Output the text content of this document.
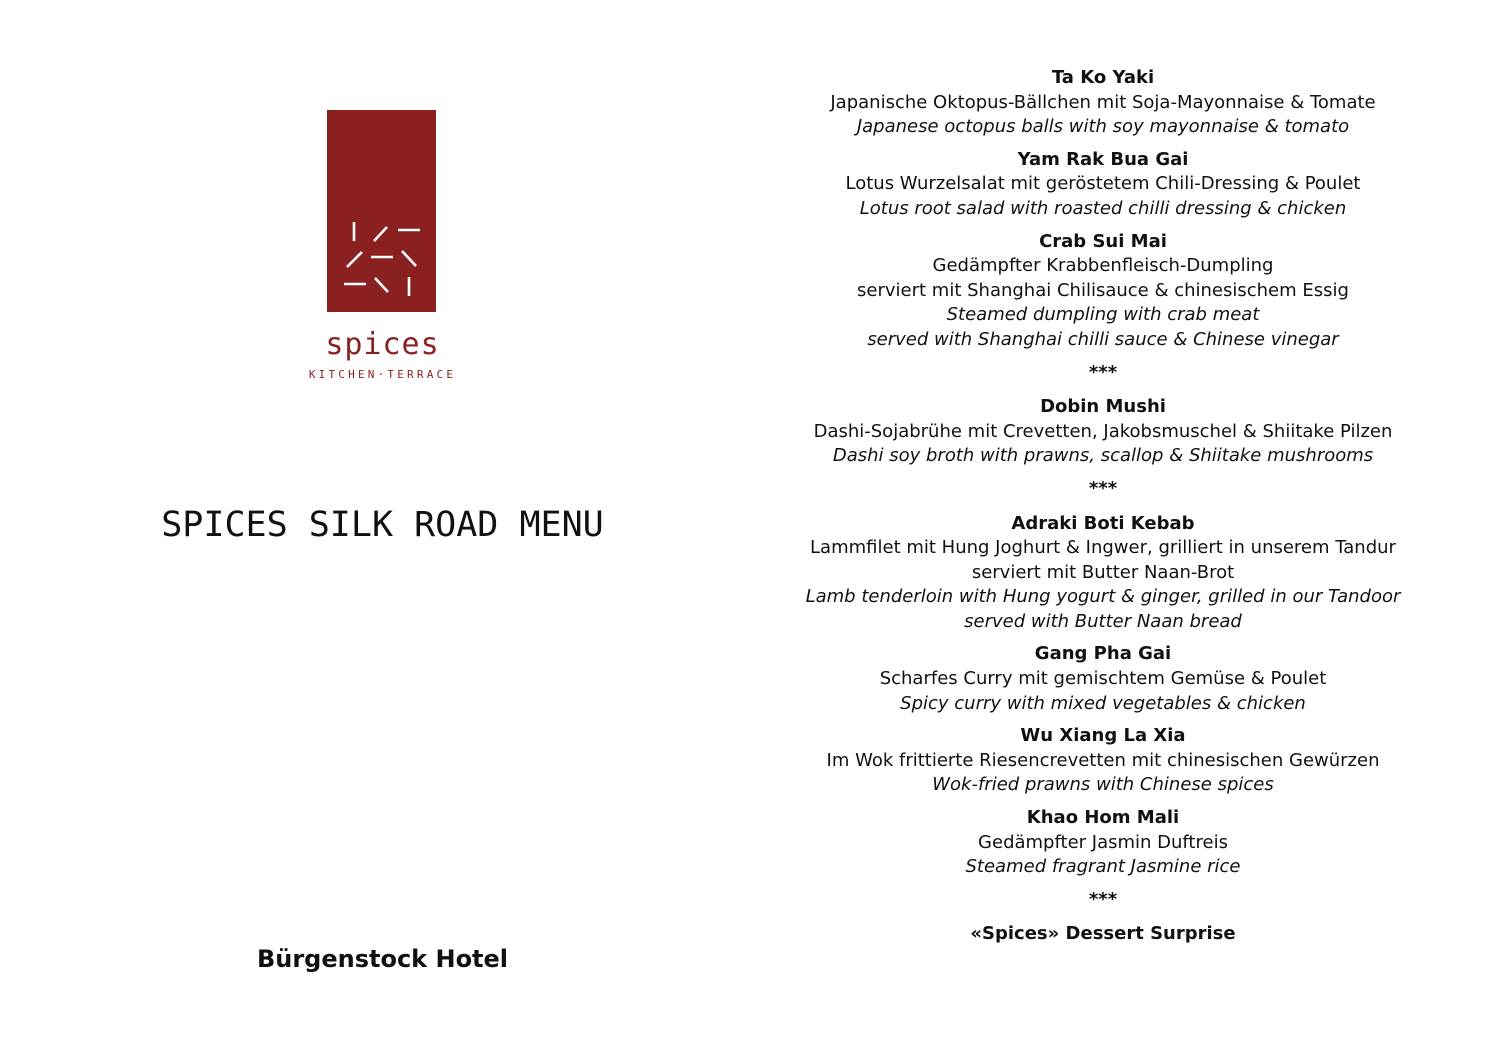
spices
KITCHEN·TERRACE
SPICES SILK ROAD MENU
Bürgenstock Hotel
Ta Ko Yaki
Japanische Oktopus-Bällchen mit Soja-Mayonnaise & Tomate
Japanese octopus balls with soy mayonnaise & tomato
Yam Rak Bua Gai
Lotus Wurzelsalat mit geröstetem Chili-Dressing & Poulet
Lotus root salad with roasted chilli dressing & chicken
Crab Sui Mai
Gedämpfter Krabbenfleisch-Dumpling
serviert mit Shanghai Chilisauce & chinesischem Essig
Steamed dumpling with crab meat
served with Shanghai chilli sauce & Chinese vinegar
***
Dobin Mushi
Dashi-Sojabrühe mit Crevetten, Jakobsmuschel & Shiitake Pilzen
Dashi soy broth with prawns, scallop & Shiitake mushrooms
***
Adraki Boti Kebab
Lammfilet mit Hung Joghurt & Ingwer, grilliert in unserem Tandur
serviert mit Butter Naan-Brot
Lamb tenderloin with Hung yogurt & ginger, grilled in our Tandoor
served with Butter Naan bread
Gang Pha Gai
Scharfes Curry mit gemischtem Gemüse & Poulet
Spicy curry with mixed vegetables & chicken
Wu Xiang La Xia
Im Wok frittierte Riesencrevetten mit chinesischen Gewürzen
Wok-fried prawns with Chinese spices
Khao Hom Mali
Gedämpfter Jasmin Duftreis
Steamed fragrant Jasmine rice
***
«Spices» Dessert Surprise
